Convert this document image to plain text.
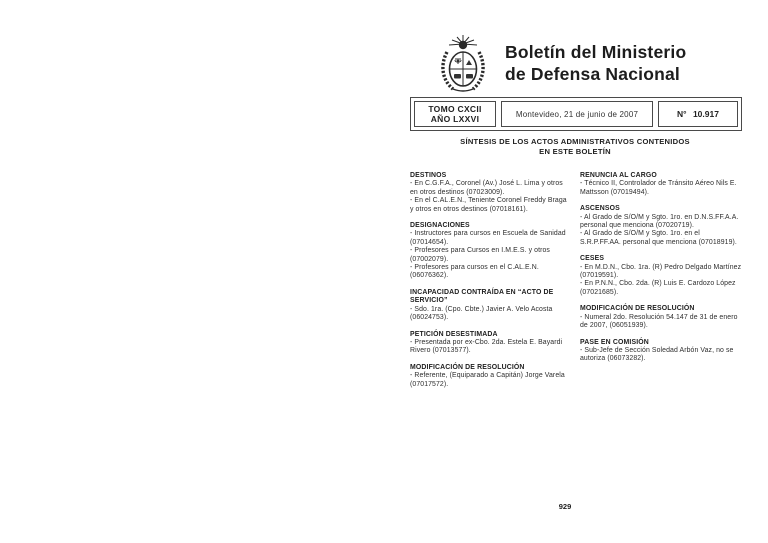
Boletín del Ministerio
de Defensa Nacional
TOMO CXCII
AÑO LXXVI	Montevideo, 21 de junio de 2007	N° 10.917
SÍNTESIS DE LOS ACTOS ADMINISTRATIVOS CONTENIDOS
EN ESTE BOLETÍN
DESTINOS
- En C.G.F.A., Coronel (Av.) José L. Lima y otros en otros destinos (07023009).
- En el C.AL.E.N., Teniente Coronel Freddy Braga y otros en otros destinos (07018161).
DESIGNACIONES
- Instructores para cursos en Escuela de Sanidad (07014654).
- Profesores para Cursos en I.M.E.S. y otros (07002079).
- Profesores para cursos en el C.AL.E.N. (06076362).
INCAPACIDAD CONTRAÍDA EN “ACTO DE SERVICIO”
- Sdo. 1ra. (Cpo. Cbte.) Javier A. Velo Acosta (06024753).
PETICIÓN DESESTIMADA
- Presentada por ex-Cbo. 2da. Estela E. Bayardi Rivero (07013577).
MODIFICACIÓN DE RESOLUCIÓN
- Referente, (Equiparado a Capitán) Jorge Varela (07017572).
RENUNCIA AL CARGO
- Técnico II, Controlador de Tránsito Aéreo Nils E. Mattsson (07019494).
ASCENSOS
- Al Grado de S/O/M y Sgto. 1ro. en D.N.S.FF.A.A. personal que menciona (07020719).
- Al Grado de S/O/M y Sgto. 1ro. en el S.R.P.FF.AA. personal que menciona (07018919).
CESES
- En M.D.N., Cbo. 1ra. (R) Pedro Delgado Martínez (07019591).
- En P.N.N., Cbo. 2da. (R) Luis E. Cardozo López (07021685).
MODIFICACIÓN DE RESOLUCIÓN
- Numeral 2do. Resolución 54.147 de 31 de enero de 2007, (06051939).
PASE EN COMISIÓN
- Sub-Jefe de Sección Soledad Arbón Vaz, no se autoriza (06073282).
929
